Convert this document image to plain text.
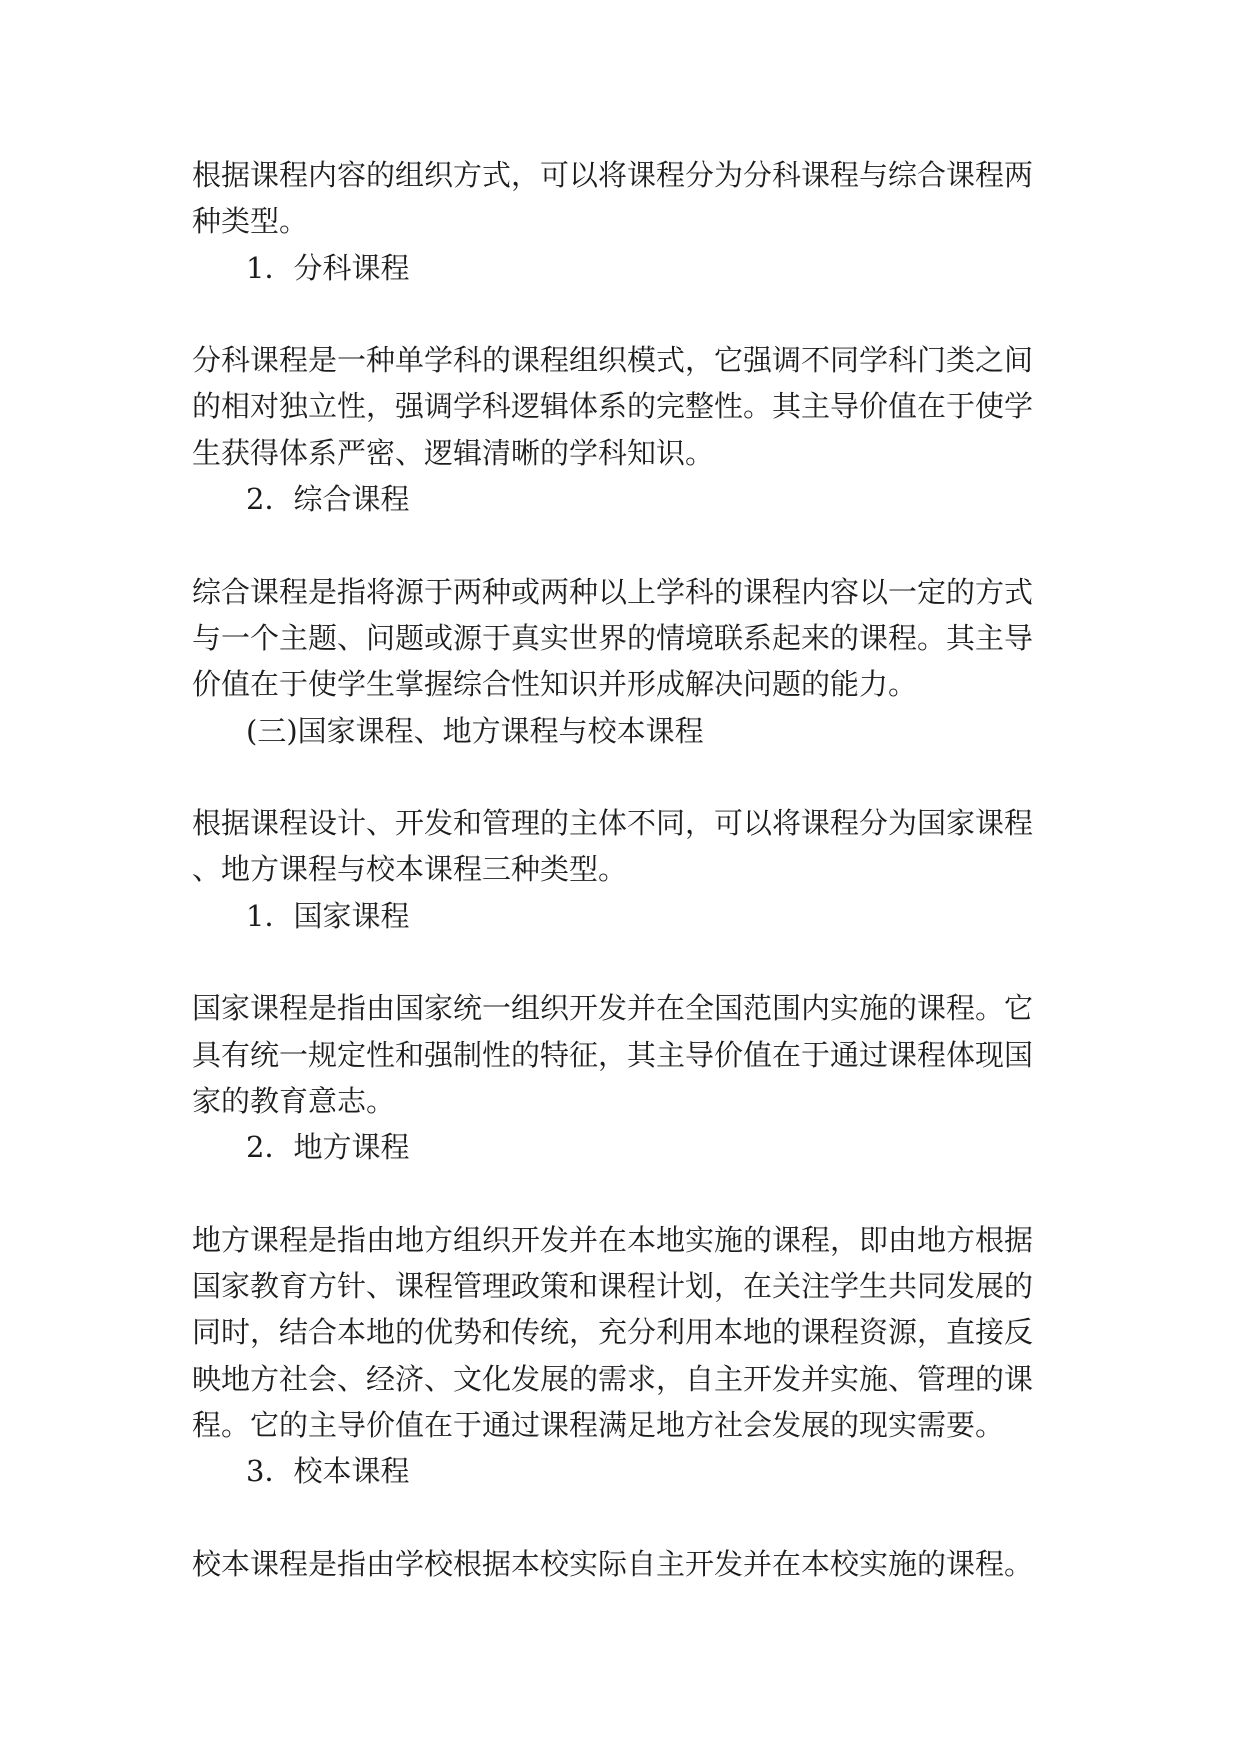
根据课程内容的组织方式，可以将课程分为分科课程与综合课程两
种类型。
1．分科课程
分科课程是一种单学科的课程组织模式，它强调不同学科门类之间
的相对独立性，强调学科逻辑体系的完整性。其主导价值在于使学
生获得体系严密、逻辑清晰的学科知识。
2．综合课程
综合课程是指将源于两种或两种以上学科的课程内容以一定的方式
与一个主题、问题或源于真实世界的情境联系起来的课程。其主导
价值在于使学生掌握综合性知识并形成解决问题的能力。
(三)国家课程、地方课程与校本课程
根据课程设计、开发和管理的主体不同，可以将课程分为国家课程
、地方课程与校本课程三种类型。
1．国家课程
国家课程是指由国家统一组织开发并在全国范围内实施的课程。它
具有统一规定性和强制性的特征，其主导价值在于通过课程体现国
家的教育意志。
2．地方课程
地方课程是指由地方组织开发并在本地实施的课程，即由地方根据
国家教育方针、课程管理政策和课程计划，在关注学生共同发展的
同时，结合本地的优势和传统，充分利用本地的课程资源，直接反
映地方社会、经济、文化发展的需求，自主开发并实施、管理的课
程。它的主导价值在于通过课程满足地方社会发展的现实需要。
3．校本课程
校本课程是指由学校根据本校实际自主开发并在本校实施的课程。
